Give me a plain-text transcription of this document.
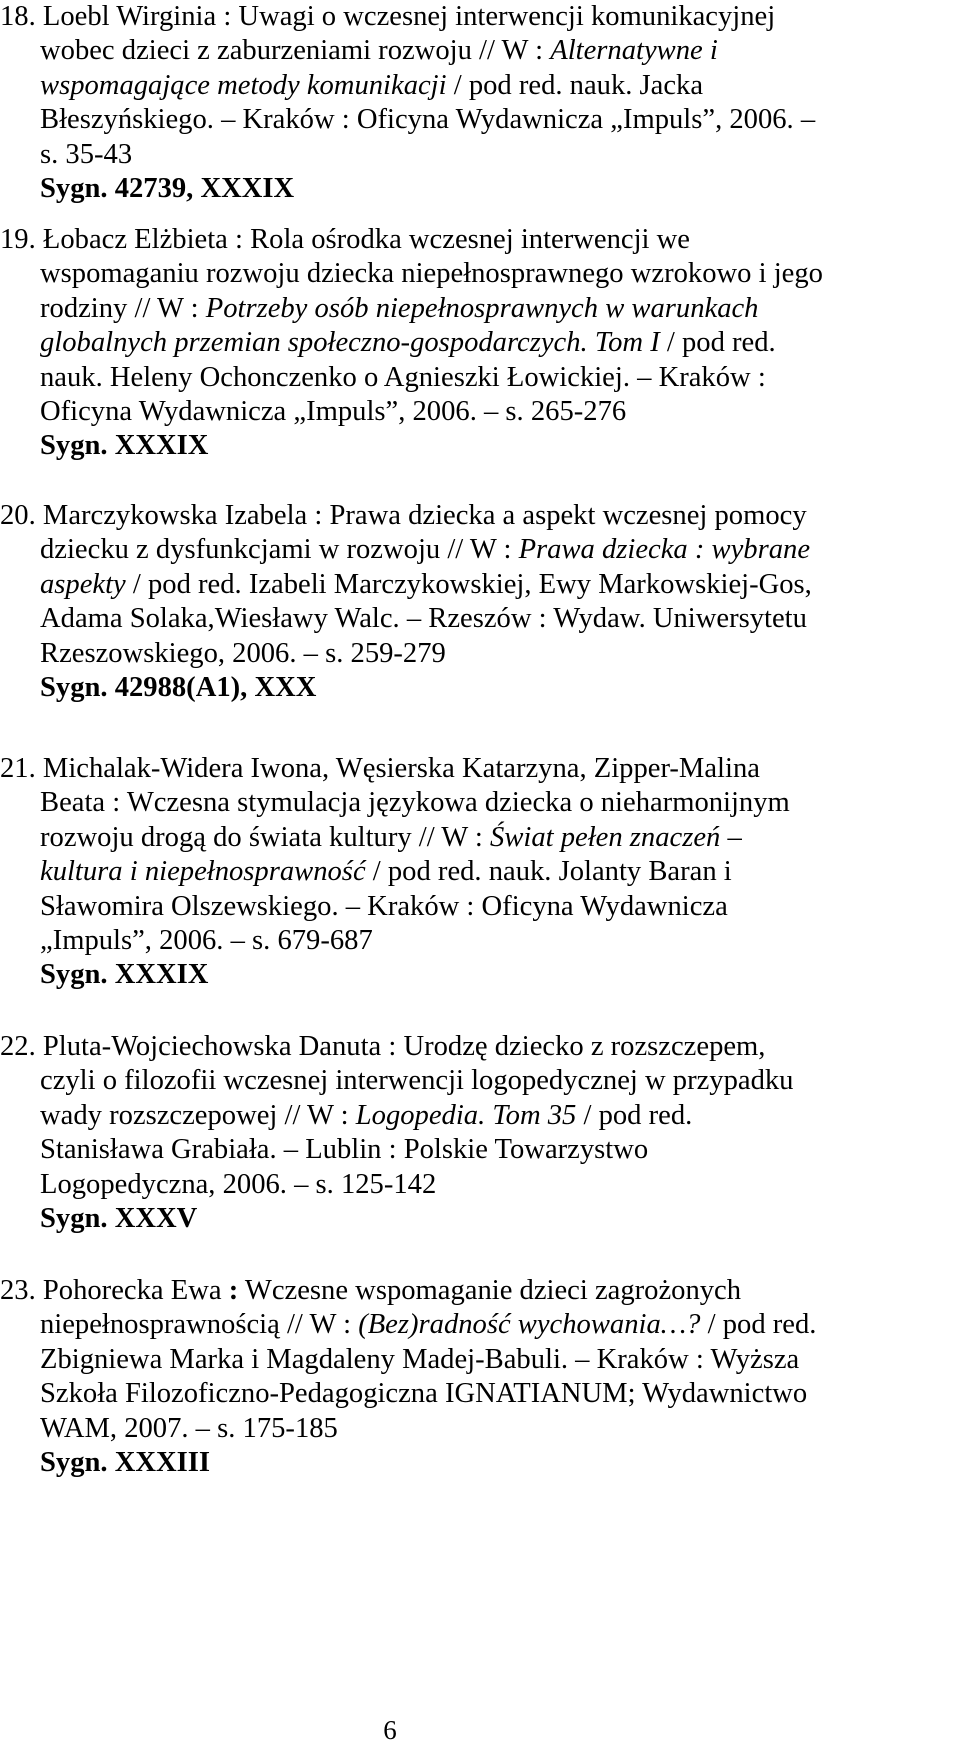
18. Loebl Wirginia : Uwagi o wczesnej interwencji komunikacyjnej
wobec dzieci z zaburzeniami rozwoju // W : Alternatywne i
wspomagające metody komunikacji / pod red. nauk. Jacka
Błeszyńskiego. – Kraków : Oficyna Wydawnicza „Impuls”, 2006. –
s. 35-43
Sygn. 42739, XXXIX
19. Łobacz Elżbieta : Rola ośrodka wczesnej interwencji we
wspomaganiu rozwoju dziecka niepełnosprawnego wzrokowo i jego
rodziny // W : Potrzeby osób niepełnosprawnych w warunkach
globalnych przemian społeczno-gospodarczych. Tom I / pod red.
nauk. Heleny Ochonczenko o Agnieszki Łowickiej. – Kraków :
Oficyna Wydawnicza „Impuls”, 2006. – s. 265-276
Sygn. XXXIX
20. Marczykowska Izabela : Prawa dziecka a aspekt wczesnej pomocy
dziecku z dysfunkcjami w rozwoju // W : Prawa dziecka : wybrane
aspekty / pod red. Izabeli Marczykowskiej, Ewy Markowskiej-Gos,
Adama Solaka,Wiesławy Walc. – Rzeszów : Wydaw. Uniwersytetu
Rzeszowskiego, 2006. – s. 259-279
Sygn. 42988(A1), XXX
21. Michalak-Widera Iwona, Węsierska Katarzyna, Zipper-Malina
Beata : Wczesna stymulacja językowa dziecka o nieharmonijnym
rozwoju drogą do świata kultury // W : Świat pełen znaczeń –
kultura i niepełnosprawność / pod red. nauk. Jolanty Baran i
Sławomira Olszewskiego. – Kraków : Oficyna Wydawnicza
„Impuls”, 2006. – s. 679-687
Sygn. XXXIX
22. Pluta-Wojciechowska Danuta : Urodzę dziecko z rozszczepem,
czyli o filozofii wczesnej interwencji logopedycznej w przypadku
wady rozszczepowej // W : Logopedia. Tom 35 / pod red.
Stanisława Grabiała. – Lublin : Polskie Towarzystwo
Logopedyczna, 2006. – s. 125-142
Sygn. XXXV
23. Pohorecka Ewa : Wczesne wspomaganie dzieci zagrożonych
niepełnosprawnością // W : (Bez)radność wychowania…? / pod red.
Zbigniewa Marka i Magdaleny Madej-Babuli. – Kraków : Wyższa
Szkoła Filozoficzno-Pedagogiczna IGNATIANUM; Wydawnictwo
WAM, 2007. – s. 175-185
Sygn. XXXIII
6
